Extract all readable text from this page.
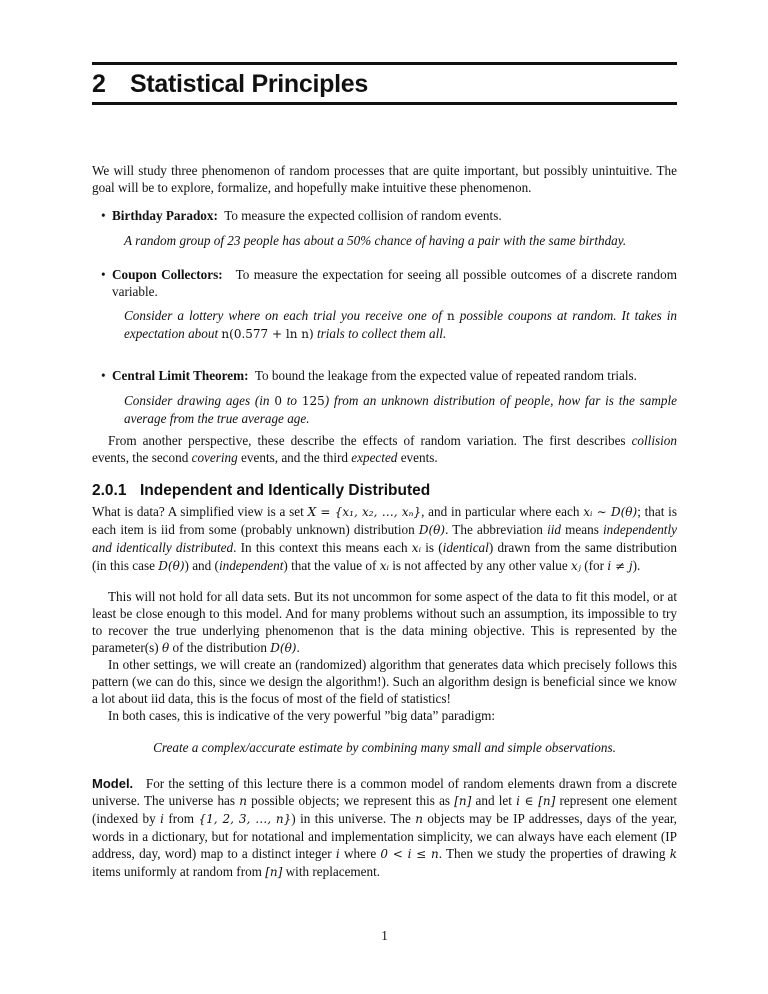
2 Statistical Principles
We will study three phenomenon of random processes that are quite important, but possibly unintuitive. The goal will be to explore, formalize, and hopefully make intuitive these phenomenon.
• Birthday Paradox: To measure the expected collision of random events.
A random group of 23 people has about a 50% chance of having a pair with the same birthday.
• Coupon Collectors: To measure the expectation for seeing all possible outcomes of a discrete random variable.
Consider a lottery where on each trial you receive one of n possible coupons at random. It takes in expectation about n(0.577 + ln n) trials to collect them all.
• Central Limit Theorem: To bound the leakage from the expected value of repeated random trials.
Consider drawing ages (in 0 to 125) from an unknown distribution of people, how far is the sample average from the true average age.
From another perspective, these describe the effects of random variation. The first describes collision events, the second covering events, and the third expected events.
2.0.1 Independent and Identically Distributed
What is data? A simplified view is a set X = {x₁, x₂, …, xₙ}, and in particular where each xᵢ ∼ D(θ); that is each item is iid from some (probably unknown) distribution D(θ). The abbreviation iid means independently and identically distributed. In this context this means each xᵢ is (identical) drawn from the same distribution (in this case D(θ)) and (independent) that the value of xᵢ is not affected by any other value xⱼ (for i ≠ j).
This will not hold for all data sets. But its not uncommon for some aspect of the data to fit this model, or at least be close enough to this model. And for many problems without such an assumption, its impossible to try to recover the true underlying phenomenon that is the data mining objective. This is represented by the parameter(s) θ of the distribution D(θ).
In other settings, we will create an (randomized) algorithm that generates data which precisely follows this pattern (we can do this, since we design the algorithm!). Such an algorithm design is beneficial since we know a lot about iid data, this is the focus of most of the field of statistics!
In both cases, this is indicative of the very powerful ”big data” paradigm:
Create a complex/accurate estimate by combining many small and simple observations.
Model. For the setting of this lecture there is a common model of random elements drawn from a discrete universe. The universe has n possible objects; we represent this as [n] and let i ∈ [n] represent one element (indexed by i from {1, 2, 3, …, n}) in this universe. The n objects may be IP addresses, days of the year, words in a dictionary, but for notational and implementation simplicity, we can always have each element (IP address, day, word) map to a distinct integer i where 0 < i ≤ n. Then we study the properties of drawing k items uniformly at random from [n] with replacement.
1
